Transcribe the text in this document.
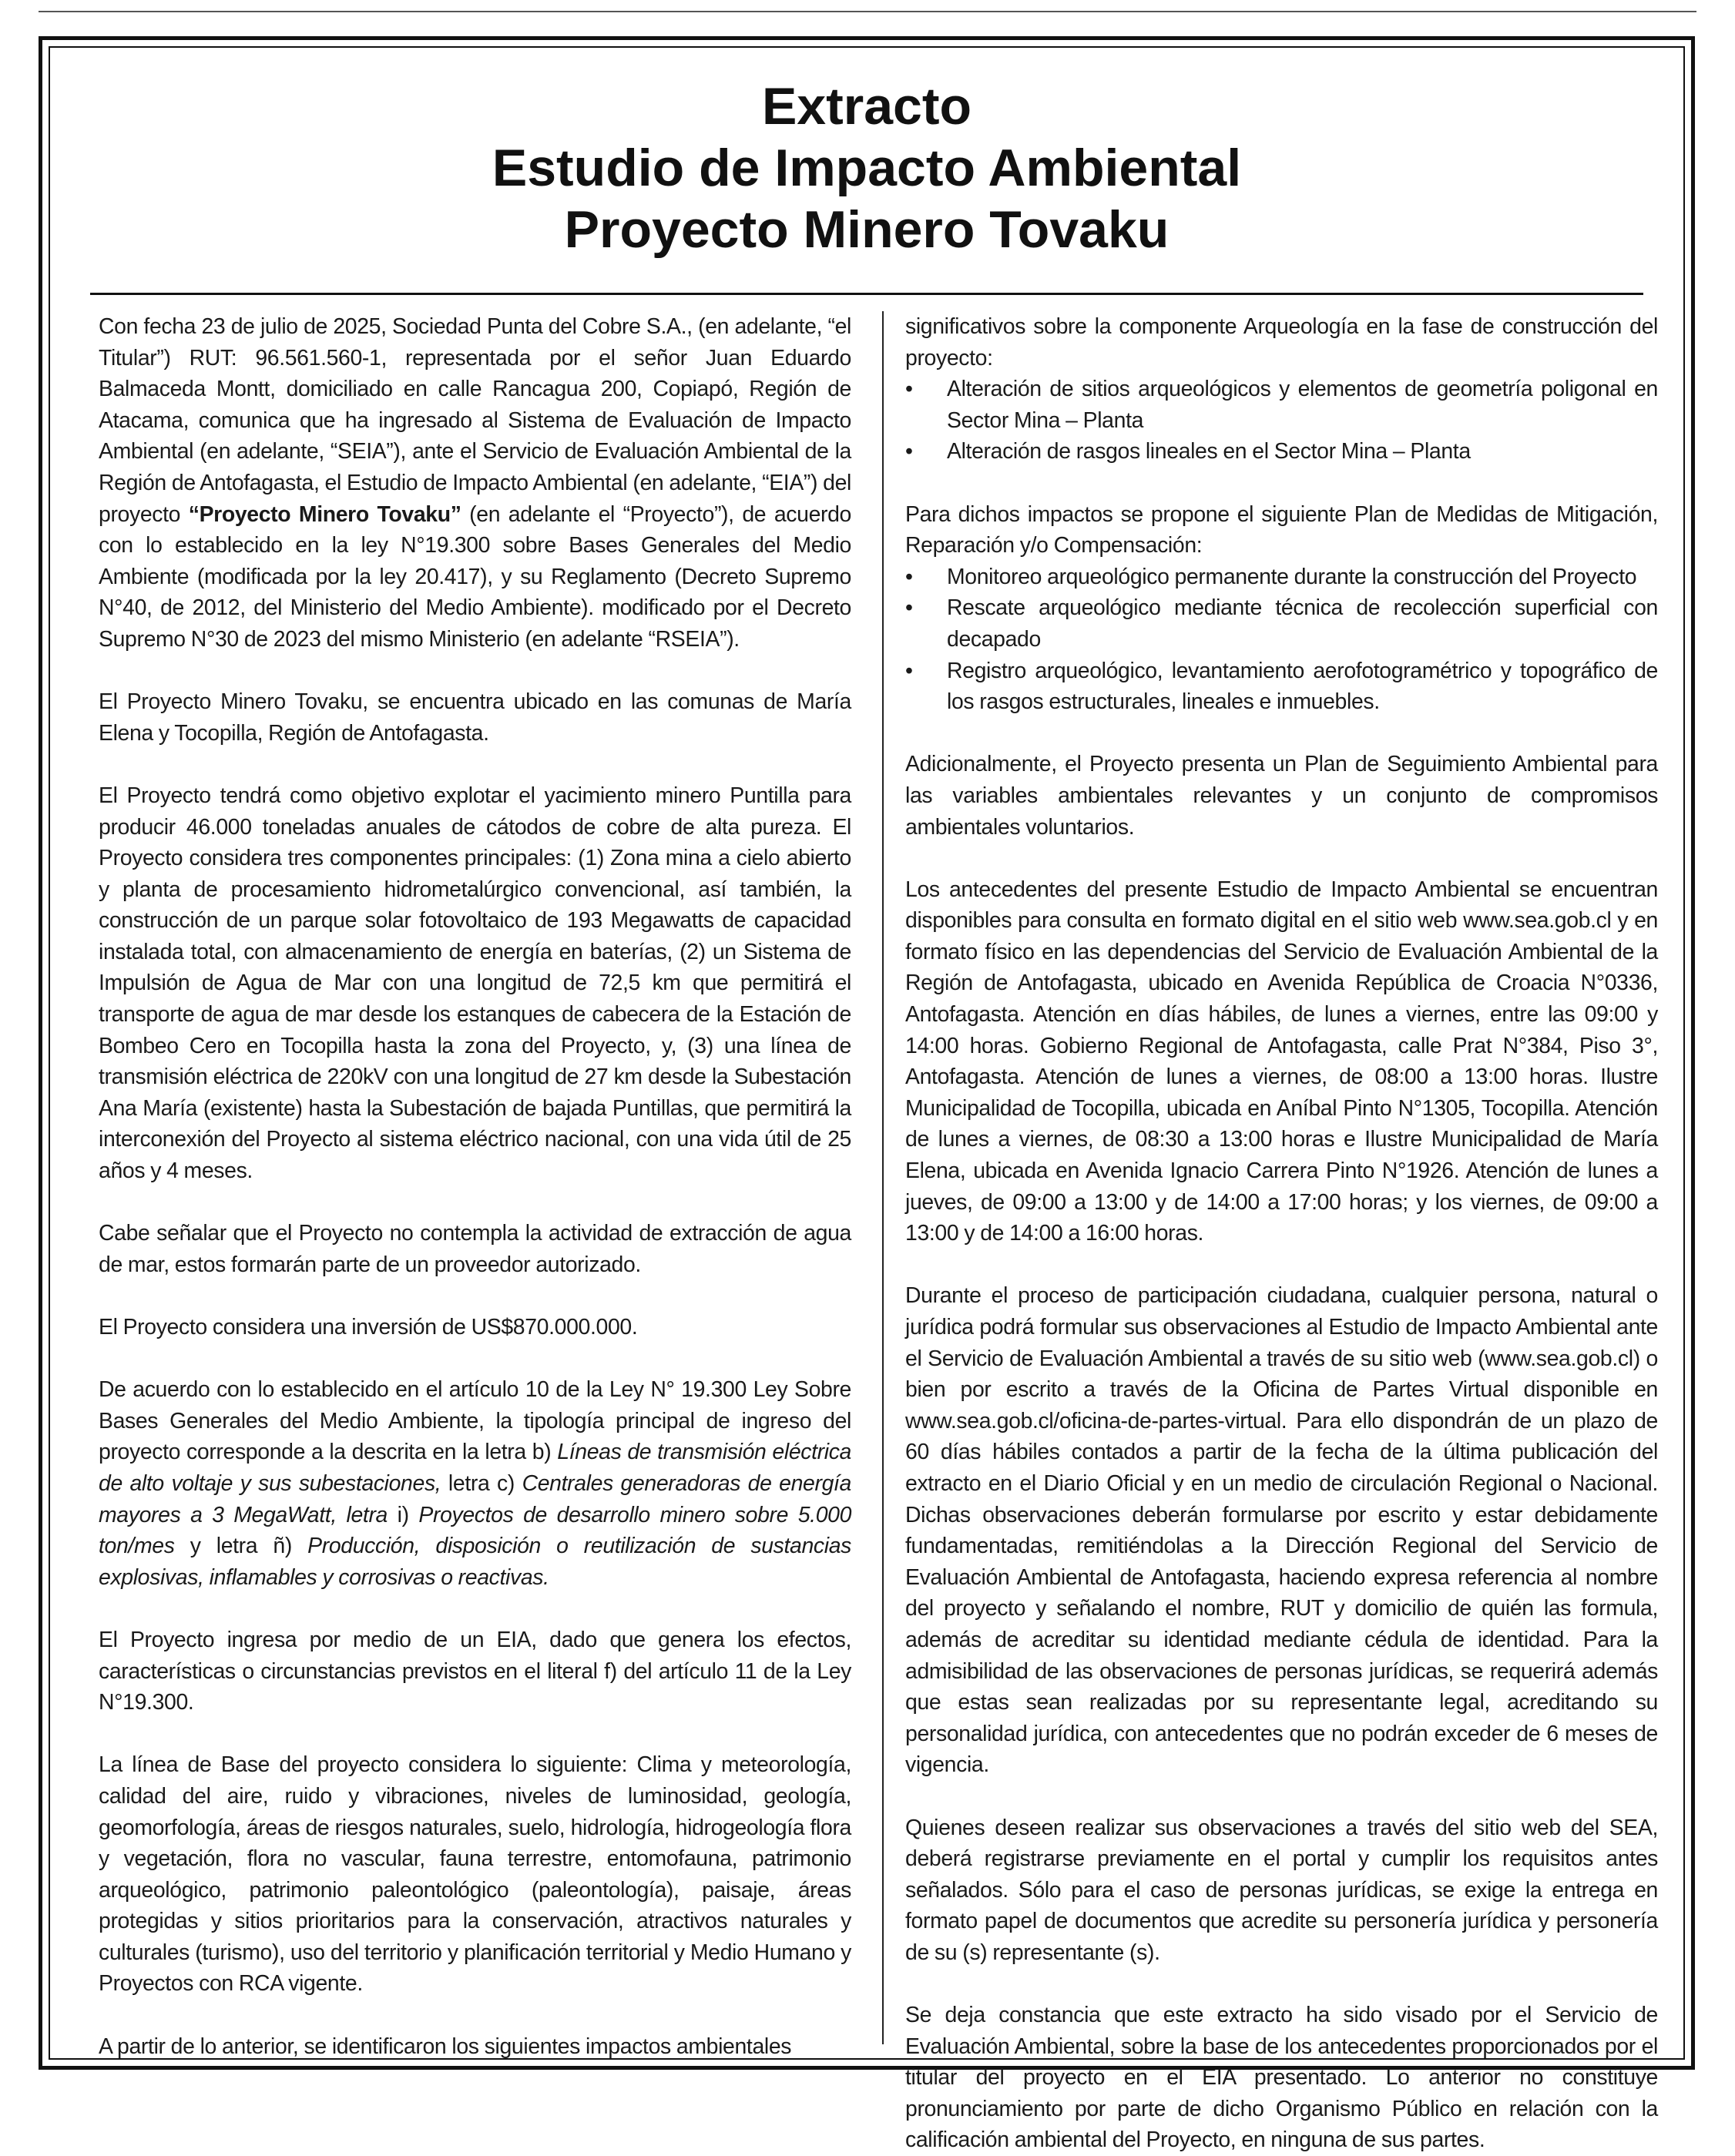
Extracto
Estudio de Impacto Ambiental
Proyecto Minero Tovaku

Con fecha 23 de julio de 2025, Sociedad Punta del Cobre S.A., (en adelante, “el Titular”) RUT: 96.561.560-1, representada por el señor Juan Eduardo Balmaceda Montt, domiciliado en calle Rancagua 200, Copiapó, Región de Atacama, comunica que ha ingresado al Sistema de Evaluación de Impacto Ambiental (en adelante, “SEIA”), ante el Servicio de Evaluación Ambiental de la Región de Antofagasta, el Estudio de Impacto Ambiental (en adelante, “EIA”) del proyecto “Proyecto Minero Tovaku” (en adelante el “Proyecto”), de acuerdo con lo establecido en la ley N°19.300 sobre Bases Generales del Medio Ambiente (modificada por la ley 20.417), y su Reglamento (Decreto Supremo N°40, de 2012, del Ministerio del Medio Ambiente). modificado por el Decreto Supremo N°30 de 2023 del mismo Ministerio (en adelante “RSEIA”).

El Proyecto Minero Tovaku, se encuentra ubicado en las comunas de María Elena y Tocopilla, Región de Antofagasta.

El Proyecto tendrá como objetivo explotar el yacimiento minero Puntilla para producir 46.000 toneladas anuales de cátodos de cobre de alta pureza. El Proyecto considera tres componentes principales: (1) Zona mina a cielo abierto y planta de procesamiento hidrometalúrgico convencional, así también, la construcción de un parque solar fotovoltaico de 193 Megawatts de capacidad instalada total, con almacenamiento de energía en baterías, (2) un Sistema de Impulsión de Agua de Mar con una longitud de 72,5 km que permitirá el transporte de agua de mar desde los estanques de cabecera de la Estación de Bombeo Cero en Tocopilla hasta la zona del Proyecto, y, (3) una línea de transmisión eléctrica de 220kV con una longitud de 27 km desde la Subestación Ana María (existente) hasta la Subestación de bajada Puntillas, que permitirá la interconexión del Proyecto al sistema eléctrico nacional, con una vida útil de 25 años y 4 meses.

Cabe señalar que el Proyecto no contempla la actividad de extracción de agua de mar, estos formarán parte de un proveedor autorizado.

El Proyecto considera una inversión de US$870.000.000.

De acuerdo con lo establecido en el artículo 10 de la Ley N° 19.300 Ley Sobre Bases Generales del Medio Ambiente, la tipología principal de ingreso del proyecto corresponde a la descrita en la letra b) Líneas de transmisión eléctrica de alto voltaje y sus subestaciones, letra c) Centrales generadoras de energía mayores a 3 MegaWatt, letra i) Proyectos de desarrollo minero sobre 5.000 ton/mes y letra ñ) Producción, disposición o reutilización de sustancias explosivas, inflamables y corrosivas o reactivas.

El Proyecto ingresa por medio de un EIA, dado que genera los efectos, características o circunstancias previstos en el literal f) del artículo 11 de la Ley N°19.300.

La línea de Base del proyecto considera lo siguiente: Clima y meteorología, calidad del aire, ruido y vibraciones, niveles de luminosidad, geología, geomorfología, áreas de riesgos naturales, suelo, hidrología, hidrogeología flora y vegetación, flora no vascular, fauna terrestre, entomofauna, patrimonio arqueológico, patrimonio paleontológico (paleontología), paisaje, áreas protegidas y sitios prioritarios para la conservación, atractivos naturales y culturales (turismo), uso del territorio y planificación territorial y Medio Humano y Proyectos con RCA vigente.

A partir de lo anterior, se identificaron los siguientes impactos ambientales

significativos sobre la componente Arqueología en la fase de construcción del proyecto:

• Alteración de sitios arqueológicos y elementos de geometría poligonal en Sector Mina – Planta
• Alteración de rasgos lineales en el Sector Mina – Planta

Para dichos impactos se propone el siguiente Plan de Medidas de Mitigación, Reparación y/o Compensación:

• Monitoreo arqueológico permanente durante la construcción del Proyecto
• Rescate arqueológico mediante técnica de recolección superficial con decapado
• Registro arqueológico, levantamiento aerofotogramétrico y topográfico de los rasgos estructurales, lineales e inmuebles.

Adicionalmente, el Proyecto presenta un Plan de Seguimiento Ambiental para las variables ambientales relevantes y un conjunto de compromisos ambientales voluntarios.

Los antecedentes del presente Estudio de Impacto Ambiental se encuentran disponibles para consulta en formato digital en el sitio web www.sea.gob.cl y en formato físico en las dependencias del Servicio de Evaluación Ambiental de la Región de Antofagasta, ubicado en Avenida República de Croacia N°0336, Antofagasta. Atención en días hábiles, de lunes a viernes, entre las 09:00 y 14:00 horas. Gobierno Regional de Antofagasta, calle Prat N°384, Piso 3°, Antofagasta. Atención de lunes a viernes, de 08:00 a 13:00 horas. Ilustre Municipalidad de Tocopilla, ubicada en Aníbal Pinto N°1305, Tocopilla. Atención de lunes a viernes, de 08:30 a 13:00 horas e Ilustre Municipalidad de María Elena, ubicada en Avenida Ignacio Carrera Pinto N°1926. Atención de lunes a jueves, de 09:00 a 13:00 y de 14:00 a 17:00 horas; y los viernes, de 09:00 a 13:00 y de 14:00 a 16:00 horas.

Durante el proceso de participación ciudadana, cualquier persona, natural o jurídica podrá formular sus observaciones al Estudio de Impacto Ambiental ante el Servicio de Evaluación Ambiental a través de su sitio web (www.sea.gob.cl) o bien por escrito a través de la Oficina de Partes Virtual disponible en www.sea.gob.cl/oficina-de-partes-virtual. Para ello dispondrán de un plazo de 60 días hábiles contados a partir de la fecha de la última publicación del extracto en el Diario Oficial y en un medio de circulación Regional o Nacional. Dichas observaciones deberán formularse por escrito y estar debidamente fundamentadas, remitiéndolas a la Dirección Regional del Servicio de Evaluación Ambiental de Antofagasta, haciendo expresa referencia al nombre del proyecto y señalando el nombre, RUT y domicilio de quién las formula, además de acreditar su identidad mediante cédula de identidad. Para la admisibilidad de las observaciones de personas jurídicas, se requerirá además que estas sean realizadas por su representante legal, acreditando su personalidad jurídica, con antecedentes que no podrán exceder de 6 meses de vigencia.

Quienes deseen realizar sus observaciones a través del sitio web del SEA, deberá registrarse previamente en el portal y cumplir los requisitos antes señalados. Sólo para el caso de personas jurídicas, se exige la entrega en formato papel de documentos que acredite su personería jurídica y personería de su (s) representante (s).

Se deja constancia que este extracto ha sido visado por el Servicio de Evaluación Ambiental, sobre la base de los antecedentes proporcionados por el titular del proyecto en el EIA presentado. Lo anterior no constituye pronunciamiento por parte de dicho Organismo Público en relación con la calificación ambiental del Proyecto, en ninguna de sus partes.
